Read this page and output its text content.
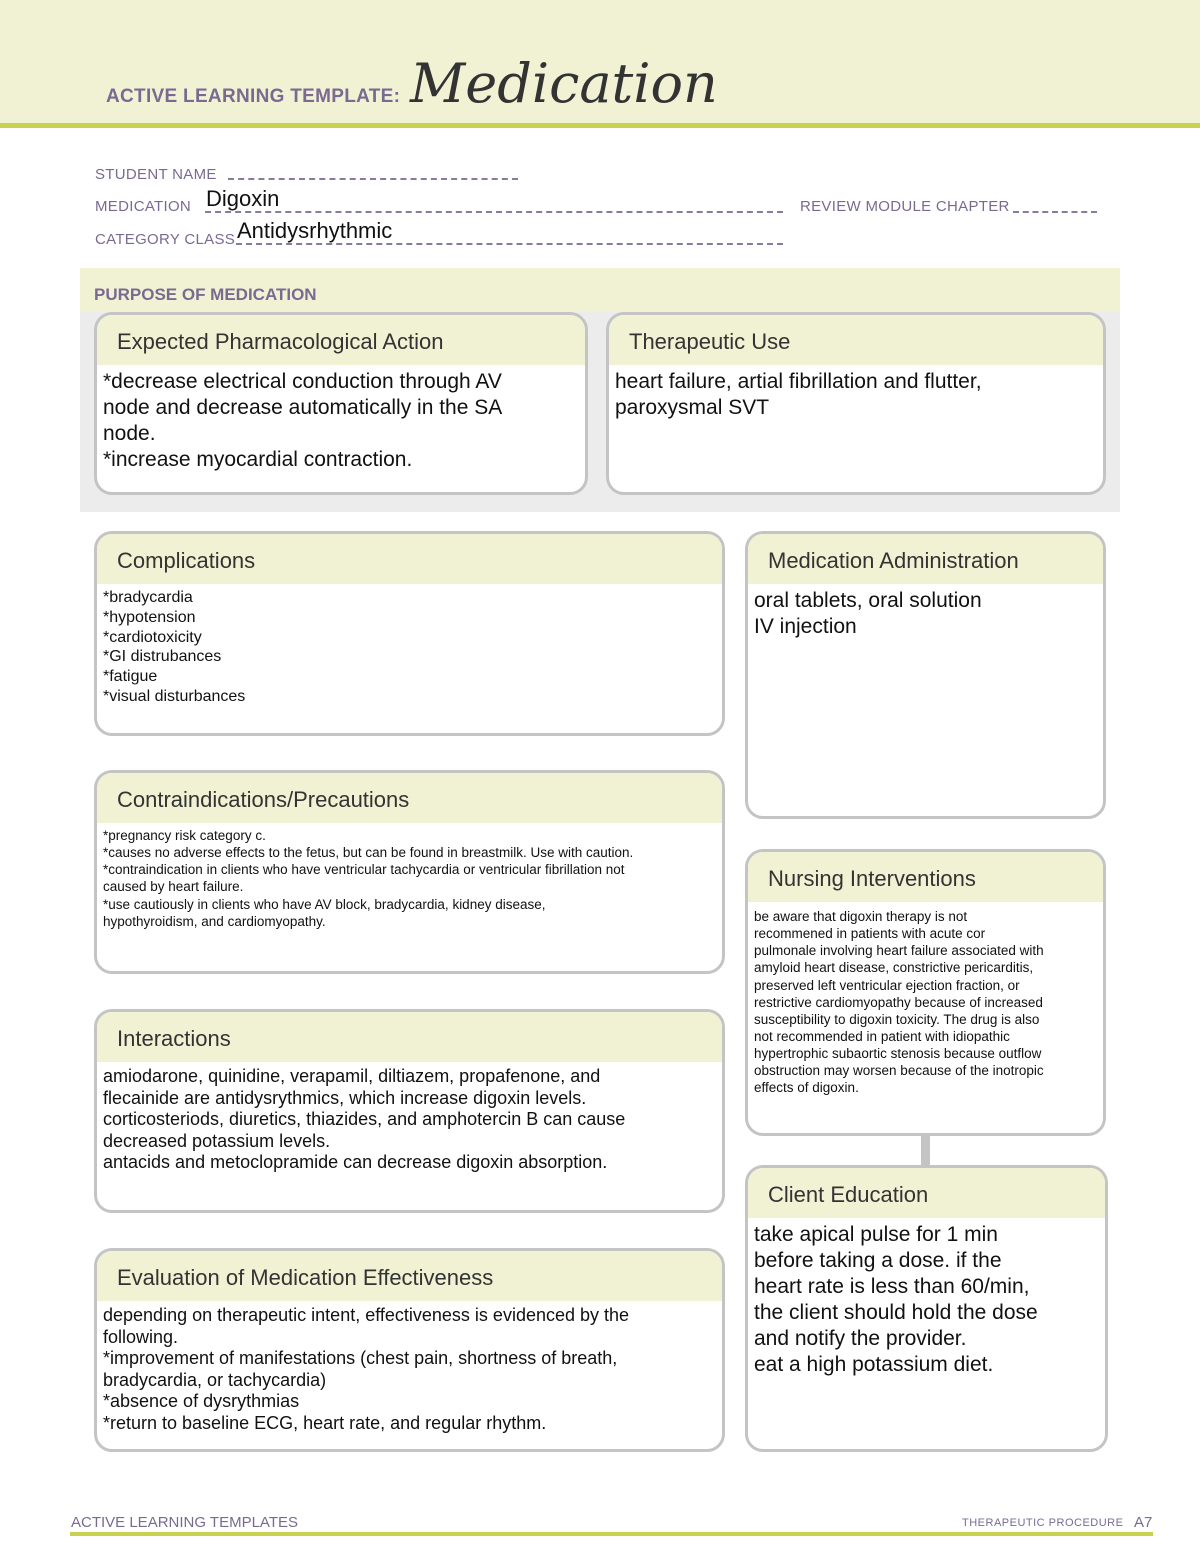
ACTIVE LEARNING TEMPLATE: Medication
STUDENT NAME
MEDICATION Digoxin	REVIEW MODULE CHAPTER
CATEGORY CLASS Antidysrhythmic
PURPOSE OF MEDICATION
Expected Pharmacological Action
*decrease electrical conduction through AV
node and decrease automatically in the SA
node.
*increase myocardial contraction.
Therapeutic Use
heart failure, artial fibrillation and flutter,
paroxysmal SVT
Complications
*bradycardia
*hypotension
*cardiotoxicity
*GI distrubances
*fatigue
*visual disturbances
Contraindications/Precautions
*pregnancy risk category c.
*causes no adverse effects to the fetus, but can be found in breastmilk. Use with caution.
*contraindication in clients who have ventricular tachycardia or ventricular fibrillation not
caused by heart failure.
*use cautiously in clients who have AV block, bradycardia, kidney disease,
hypothyroidism, and cardiomyopathy.
Interactions
amiodarone, quinidine, verapamil, diltiazem, propafenone, and
flecainide are antidysrythmics, which increase digoxin levels.
corticosteriods, diuretics, thiazides, and amphotercin B can cause
decreased potassium levels.
antacids and metoclopramide can decrease digoxin absorption.
Evaluation of Medication Effectiveness
depending on therapeutic intent, effectiveness is evidenced by the
following.
*improvement of manifestations (chest pain, shortness of breath,
bradycardia, or tachycardia)
*absence of dysrythmias
*return to baseline ECG, heart rate, and regular rhythm.
Medication Administration
oral tablets, oral solution
IV injection
Nursing Interventions
be aware that digoxin therapy is not
recommened in patients with acute cor
pulmonale involving heart failure associated with
amyloid heart disease, constrictive pericarditis,
preserved left ventricular ejection fraction, or
restrictive cardiomyopathy because of increased
susceptibility to digoxin toxicity. The drug is also
not recommended in patient with idiopathic
hypertrophic subaortic stenosis because outflow
obstruction may worsen because of the inotropic
effects of digoxin.
Client Education
take apical pulse for 1 min
before taking a dose. if the
heart rate is less than 60/min,
the client should hold the dose
and notify the provider.
eat a high potassium diet.
ACTIVE LEARNING TEMPLATES	THERAPEUTIC PROCEDURE A7
